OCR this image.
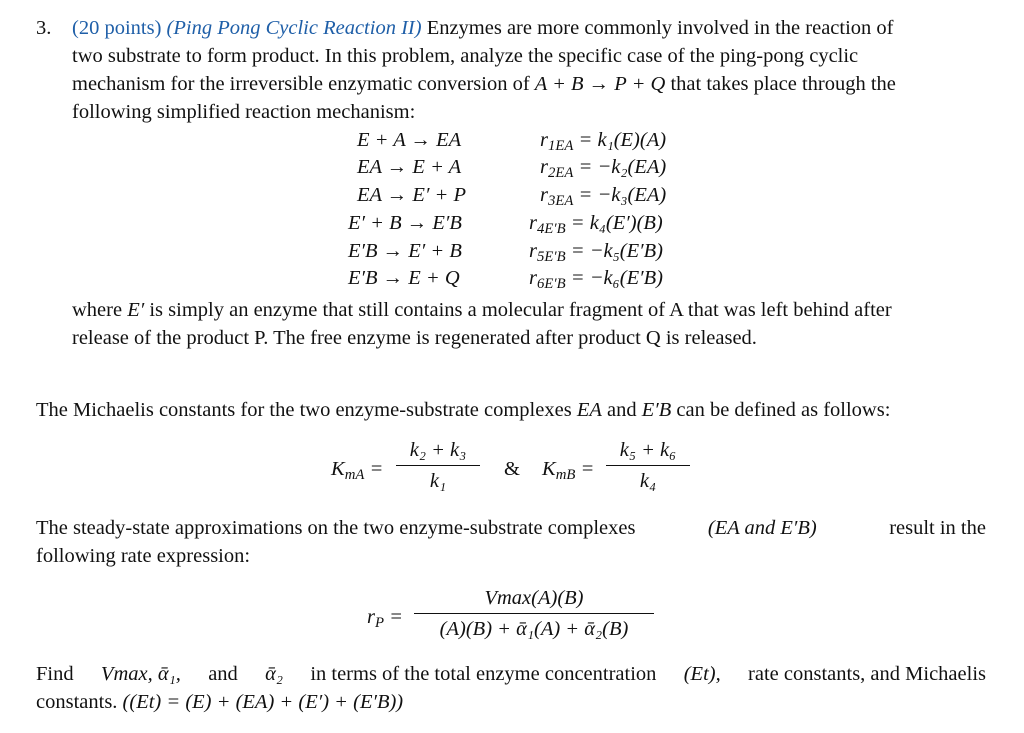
3. (20 points) (Ping Pong Cyclic Reaction II) Enzymes are more commonly involved in the reaction of
two substrate to form product. In this problem, analyze the specific case of the ping-pong cyclic
mechanism for the irreversible enzymatic conversion of A + B → P + Q that takes place through the
following simplified reaction mechanism:
E + A → EA	$r_{1EA} = k_1(E)(A)$
EA → E + A	$r_{2EA} = -k_2(EA)$
EA → E′ + P	$r_{3EA} = -k_3(EA)$
E′ + B → E′B	$r_{4E'B} = k_4(E')(B)$
E′B → E′ + B	$r_{5E'B} = -k_5(E'B)$
E′B → E + Q	$r_{6E'B} = -k_6(E'B)$
where E′ is simply an enzyme that still contains a molecular fragment of A that was left behind after
release of the product P. The free enzyme is regenerated after product Q is released.
The Michaelis constants for the two enzyme-substrate complexes EA and E′B can be defined as follows:
$K_{mA}$ =
k₂ + k₃
k₁
& $K_{mB}$ =
k₅ + k₆
k₄
The steady-state approximations on the two enzyme-substrate complexes	(EA and E′B)	result in the
following rate expression:
$r_P$ =
Vmax(A)(B)
(A)(B) + ᾱ₁(A) + ᾱ₂(B)
Find Vmax, ᾱ₁, and ᾱ₂ in terms of the total enzyme concentration (Et), rate constants, and Michaelis
constants. ((Et) = (E) + (EA) + (E′) + (E′B))
